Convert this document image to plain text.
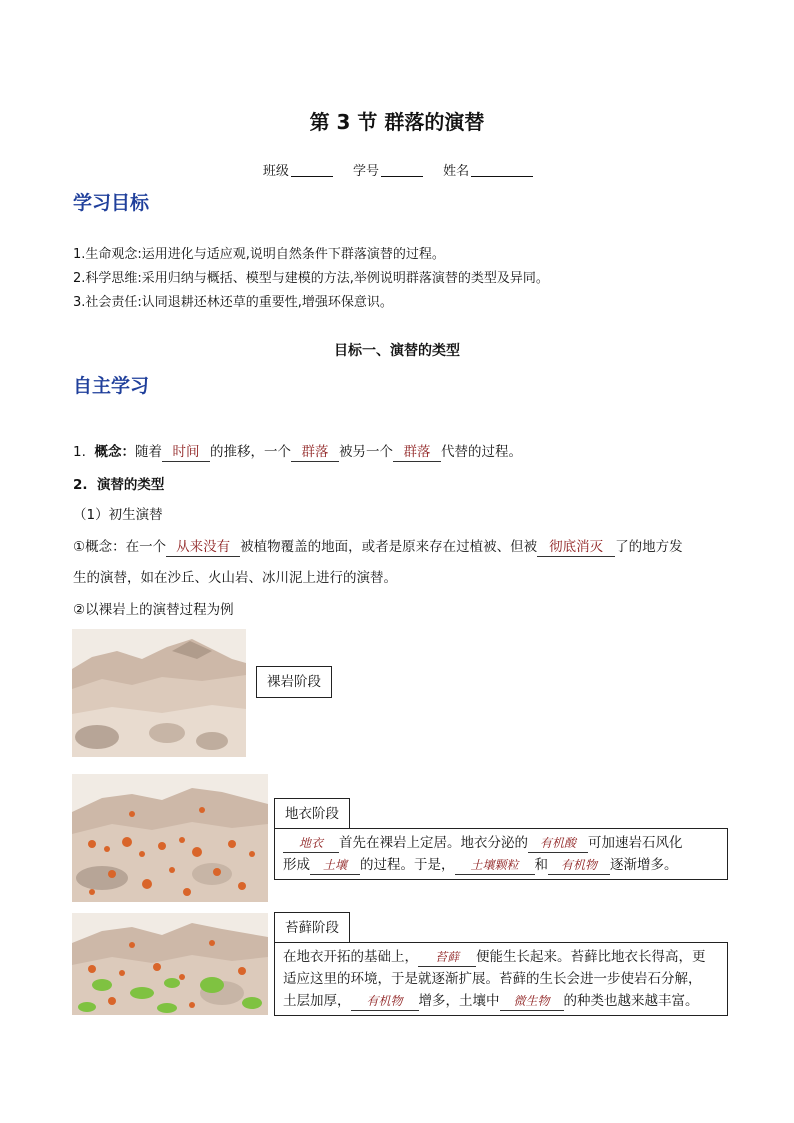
第 3 节 群落的演替
班级	学号	姓名
学习目标
1.生命观念:运用进化与适应观,说明自然条件下群落演替的过程。
2.科学思维:采用归纳与概括、模型与建模的方法,举例说明群落演替的类型及异同。
3.社会责任:认同退耕还林还草的重要性,增强环保意识。
目标一、演替的类型
自主学习
1. 概念：随着 时间 的推移，一个 群落 被另一个 群落 代替的过程。
2. 演替的类型
（1）初生演替
①概念：在一个 从来没有 被植物覆盖的地面，或者是原来存在过植被、但被 彻底消灭 了的地方发
生的演替，如在沙丘、火山岩、冰川泥上进行的演替。
②以裸岩上的演替过程为例
裸岩阶段
地衣阶段
地衣 首先在裸岩上定居。地衣分泌的 有机酸 可加速岩石风化
形成 土壤 的过程。于是， 土壤颗粒 和 有机物 逐渐增多。
苔藓阶段
在地衣开拓的基础上， 苔藓 便能生长起来。苔藓比地衣长得高，更
适应这里的环境，于是就逐渐扩展。苔藓的生长会进一步使岩石分解，
土层加厚， 有机物 增多，土壤中 微生物 的种类也越来越丰富。
